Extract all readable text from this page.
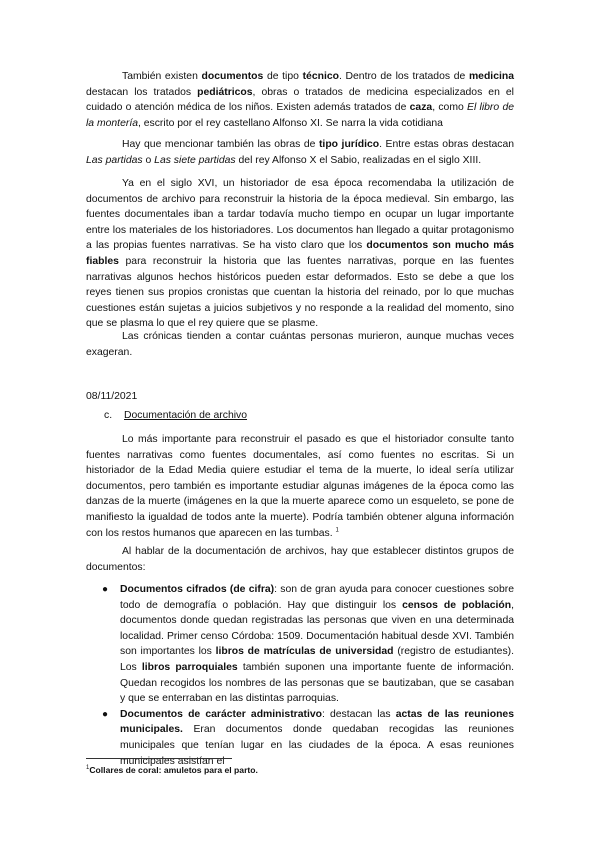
También existen documentos de tipo técnico. Dentro de los tratados de medicina destacan los tratados pediátricos, obras o tratados de medicina especializados en el cuidado o atención médica de los niños. Existen además tratados de caza, como El libro de la montería, escrito por el rey castellano Alfonso XI. Se narra la vida cotidiana

Hay que mencionar también las obras de tipo jurídico. Entre estas obras destacan Las partidas o Las siete partidas del rey Alfonso X el Sabio, realizadas en el siglo XIII.

Ya en el siglo XVI, un historiador de esa época recomendaba la utilización de documentos de archivo para reconstruir la historia de la época medieval. Sin embargo, las fuentes documentales iban a tardar todavía mucho tiempo en ocupar un lugar importante entre los materiales de los historiadores. Los documentos han llegado a quitar protagonismo a las propias fuentes narrativas. Se ha visto claro que los documentos son mucho más fiables para reconstruir la historia que las fuentes narrativas, porque en las fuentes narrativas algunos hechos históricos pueden estar deformados. Esto se debe a que los reyes tienen sus propios cronistas que cuentan la historia del reinado, por lo que muchas cuestiones están sujetas a juicios subjetivos y no responde a la realidad del momento, sino que se plasma lo que el rey quiere que se plasme.

Las crónicas tienden a contar cuántas personas murieron, aunque muchas veces exageran.

08/11/2021
c. Documentación de archivo

Lo más importante para reconstruir el pasado es que el historiador consulte tanto fuentes narrativas como fuentes documentales, así como fuentes no escritas. Si un historiador de la Edad Media quiere estudiar el tema de la muerte, lo ideal sería utilizar documentos, pero también es importante estudiar algunas imágenes de la época como las danzas de la muerte (imágenes en la que la muerte aparece como un esqueleto, se pone de manifiesto la igualdad de todos ante la muerte). Podría también obtener alguna información con los restos humanos que aparecen en las tumbas. $^1$

Al hablar de la documentación de archivos, hay que establecer distintos grupos de documentos:

● Documentos cifrados (de cifra): son de gran ayuda para conocer cuestiones sobre todo de demografía o población. Hay que distinguir los censos de población, documentos donde quedan registradas las personas que viven en una determinada localidad. Primer censo Córdoba: 1509. Documentación habitual desde XVI. También son importantes los libros de matrículas de universidad (registro de estudiantes). Los libros parroquiales también suponen una importante fuente de información. Quedan recogidos los nombres de las personas que se bautizaban, que se casaban y que se enterraban en las distintas parroquias.
● Documentos de carácter administrativo: destacan las actas de las reuniones municipales. Eran documentos donde quedaban recogidas las reuniones municipales que tenían lugar en las ciudades de la época. A esas reuniones municipales asistían el
$^1$Collares de coral: amuletos para el parto.
